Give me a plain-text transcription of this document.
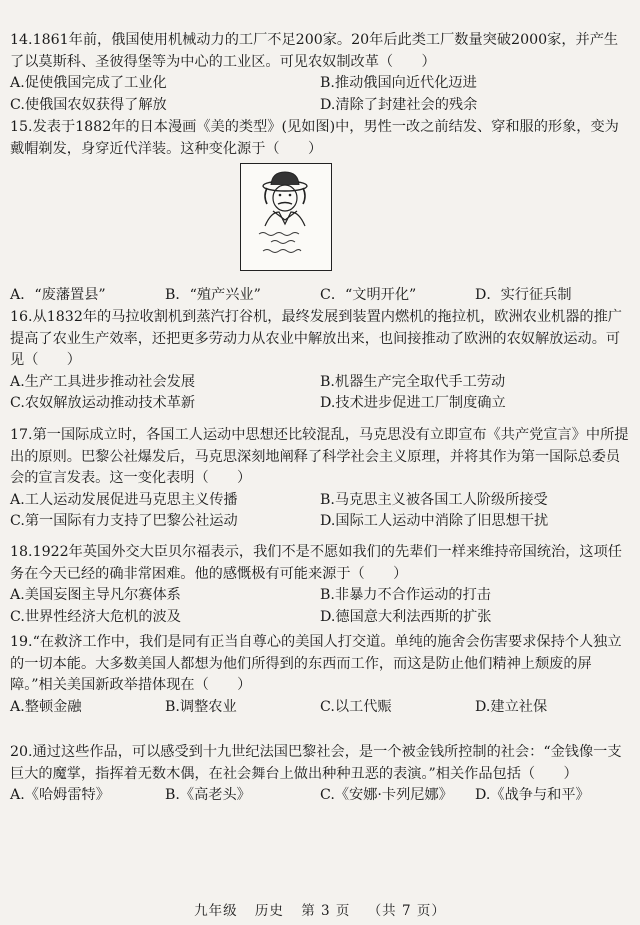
14.1861年前，俄国使用机械动力的工厂不足200家。20年后此类工厂数量突破2000家，并产生了以莫斯科、圣彼得堡等为中心的工业区。可见农奴制改革（　　）

A.促使俄国完成了工业化	B.推动俄国向近代化迈进
C.使俄国农奴获得了解放	D.清除了封建社会的残余

15.发表于1882年的日本漫画《美的类型》(见如图)中，男性一改之前结发、穿和服的形象，变为戴帽剃发，身穿近代洋装。这种变化源于（　　）

A．“废藩置县”	B．“殖产兴业”	C．“文明开化”	D．实行征兵制

16.从1832年的马拉收割机到蒸汽打谷机，最终发展到装置内燃机的拖拉机，欧洲农业机器的推广提高了农业生产效率，还把更多劳动力从农业中解放出来，也间接推动了欧洲的农奴解放运动。可见（　　）

A.生产工具进步推动社会发展	B.机器生产完全取代手工劳动
C.农奴解放运动推动技术革新	D.技术进步促进工厂制度确立

17.第一国际成立时，各国工人运动中思想还比较混乱，马克思没有立即宣布《共产党宣言》中所提出的原则。巴黎公社爆发后，马克思深刻地阐释了科学社会主义原理，并将其作为第一国际总委员会的宣言发表。这一变化表明（　　）

A.工人运动发展促进马克思主义传播	B.马克思主义被各国工人阶级所接受
C.第一国际有力支持了巴黎公社运动	D.国际工人运动中消除了旧思想干扰

18.1922年英国外交大臣贝尔福表示，我们不是不愿如我们的先辈们一样来维持帝国统治，这项任务在今天已经的确非常困难。他的感慨极有可能来源于（　　）

A.美国妄图主导凡尔赛体系	B.非暴力不合作运动的打击
C.世界性经济大危机的波及	D.德国意大利法西斯的扩张

19.“在救济工作中，我们是同有正当自尊心的美国人打交道。单纯的施舍会伤害要求保持个人独立的一切本能。大多数美国人都想为他们所得到的东西而工作，而这是防止他们精神上颓废的屏障。”相关美国新政举措体现在（　　）

A.整顿金融	B.调整农业	C.以工代赈	D.建立社保

20.通过这些作品，可以感受到十九世纪法国巴黎社会，是一个被金钱所控制的社会：“金钱像一支巨大的魔掌，指挥着无数木偶，在社会舞台上做出种种丑恶的表演。”相关作品包括（　　）

A.《哈姆雷特》	B.《高老头》	C.《安娜·卡列尼娜》	D.《战争与和平》
九年级 历史 第 3 页 （共 7 页）
